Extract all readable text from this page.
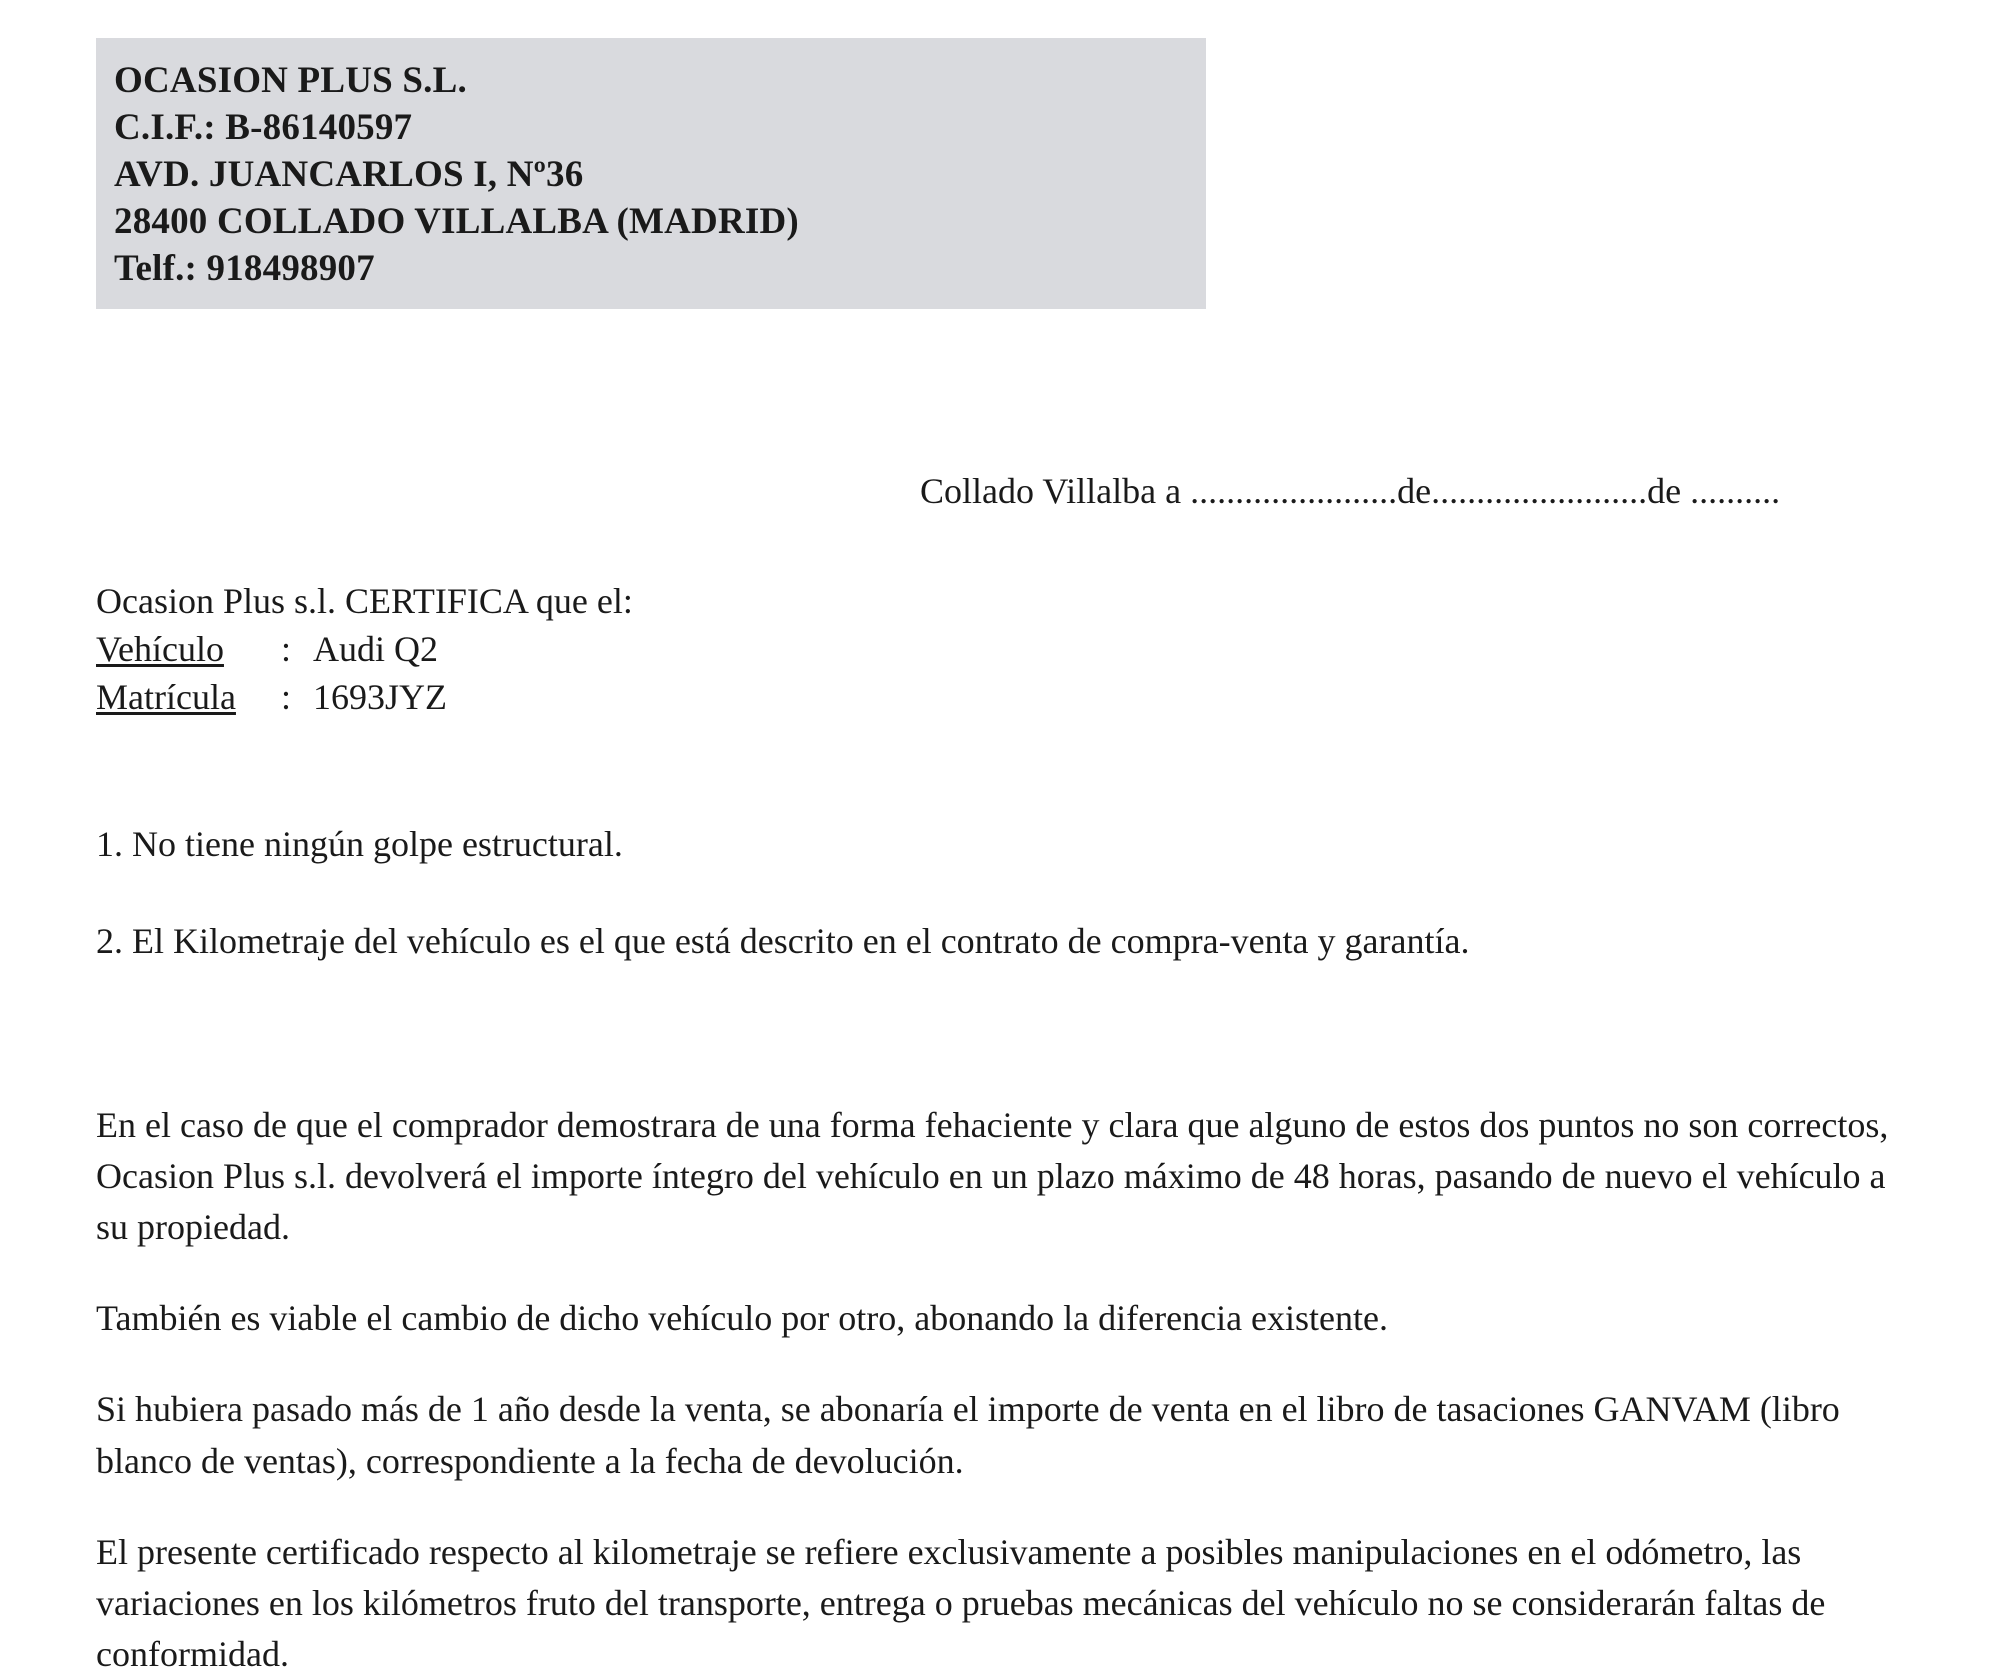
OCASION PLUS S.L.
C.I.F.: B-86140597
AVD. JUANCARLOS I, Nº36
28400 COLLADO VILLALBA (MADRID)
Telf.: 918498907
Collado Villalba a .......................de........................de ..........
Ocasion Plus s.l. CERTIFICA que el:
Vehículo	: Audi Q2
Matrícula	: 1693JYZ

1. No tiene ningún golpe estructural.

2. El Kilometraje del vehículo es el que está descrito en el contrato de compra-venta y garantía.

En el caso de que el comprador demostrara de una forma fehaciente y clara que alguno de estos dos puntos no son correctos, Ocasion Plus s.l. devolverá el importe íntegro del vehículo en un plazo máximo de 48 horas, pasando de nuevo el vehículo a su propiedad.

También es viable el cambio de dicho vehículo por otro, abonando la diferencia existente.

Si hubiera pasado más de 1 año desde la venta, se abonaría el importe de venta en el libro de tasaciones GANVAM (libro blanco de ventas), correspondiente a la fecha de devolución.

El presente certificado respecto al kilometraje se refiere exclusivamente a posibles manipulaciones en el odómetro, las variaciones en los kilómetros fruto del transporte, entrega o pruebas mecánicas del vehículo no se considerarán faltas de conformidad.
